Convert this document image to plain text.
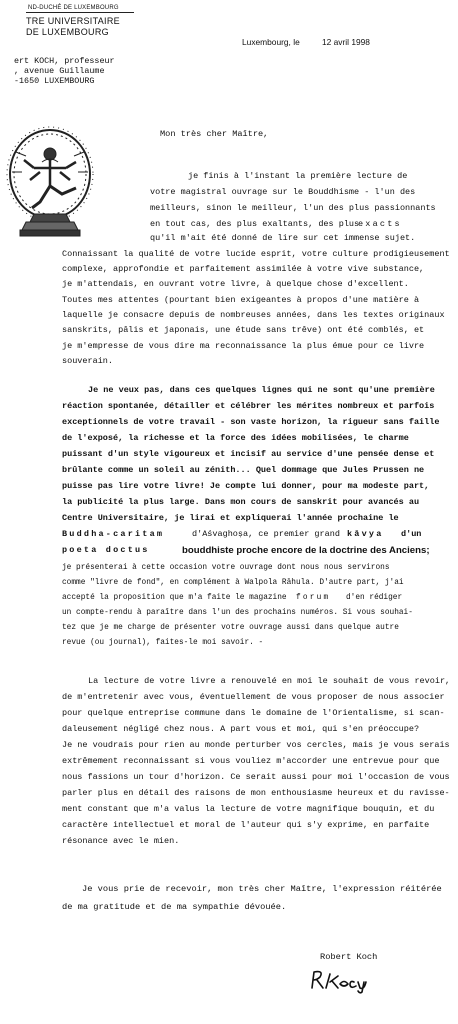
ND-DUCHÉ DE LUXEMBOURG
TRE UNIVERSITAIRE
DE LUXEMBOURG
ert KOCH, professeur
, avenue Guillaume
-1650 LUXEMBOURG
Luxembourg, le	12 avril 1998
Mon très cher Maître,
je finis à l'instant la première lecture de
votre magistral ouvrage sur le Bouddhisme - l'un des
meilleurs, sinon le meilleur, l'un des plus passionnants
en tout cas, des plus exaltants, des plus
exacts
qu'il m'ait été donné de lire sur cet immense sujet.
Connaissant la qualité de votre lucide esprit, votre culture prodigieusement
complexe, approfondie et parfaitement assimilée à votre vive substance,
je m'attendais, en ouvrant votre livre, à quelque chose d'excellent.
Toutes mes attentes (pourtant bien exigeantes à propos d'une matière à
laquelle je consacre depuis de nombreuses années, dans les textes originaux
sanskrits, pâlis et japonais, une étude sans trêve) ont été comblés, et
je m'empresse de vous dire ma reconnaissance la plus émue pour ce livre
souverain.
Je ne veux pas, dans ces quelques lignes qui ne sont qu'une première
réaction spontanée, détailler et célébrer les mérites nombreux et parfois
exceptionnels de votre travail - son vaste horizon, la rigueur sans faille
de l'exposé, la richesse et la force des idées mobilisées, le charme
puissant d'un style vigoureux et incisif au service d'une pensée dense et
brûlante comme un soleil au zénith... Quel dommage que Jules Prussen ne
puisse pas lire votre livre! Je compte lui donner, pour ma modeste part,
la publicité la plus large. Dans mon cours de sanskrit pour avancés au
Centre Universitaire, je lirai et expliquerai l'année prochaine le
Buddha-caritam	d'Aśvaghoṣa, ce premier grand kāvya d'un
poeta doctus	bouddhiste proche encore de la doctrine des Anciens;
je présenterai à cette occasion votre ouvrage dont nous nous servirons
comme "livre de fond", en complément à Walpola Rāhula. D'autre part, j'ai
accepté la proposition que m'a faite le magazine forum d'en rédiger
un compte-rendu à paraître dans l'un des prochains numéros. Si vous souhai-
tez que je me charge de présenter votre ouvrage aussi dans quelque autre
revue (ou journal), faites-le moi savoir. -
La lecture de votre livre a renouvelé en moi le souhait de vous revoir,
de m'entretenir avec vous, éventuellement de vous proposer de nous associer
pour quelque entreprise commune dans le domaine de l'Orientalisme, si scan-
daleusement négligé chez nous. A part vous et moi, qui s'en préoccupe?
Je ne voudrais pour rien au monde perturber vos cercles, mais je vous serais
extrêmement reconnaissant si vous vouliez m'accorder une entrevue pour que
nous fassions un tour d'horizon. Ce serait aussi pour moi l'occasion de vous
parler plus en détail des raisons de mon enthousiasme heureux et du ravisse-
ment constant que m'a valus la lecture de votre magnifique bouquin, et du
caractère intellectuel et moral de l'auteur qui s'y exprime, en parfaite
résonance avec le mien.
Je vous prie de recevoir, mon très cher Maître, l'expression réitérée
de ma gratitude et de ma sympathie dévouée.
Robert Koch
